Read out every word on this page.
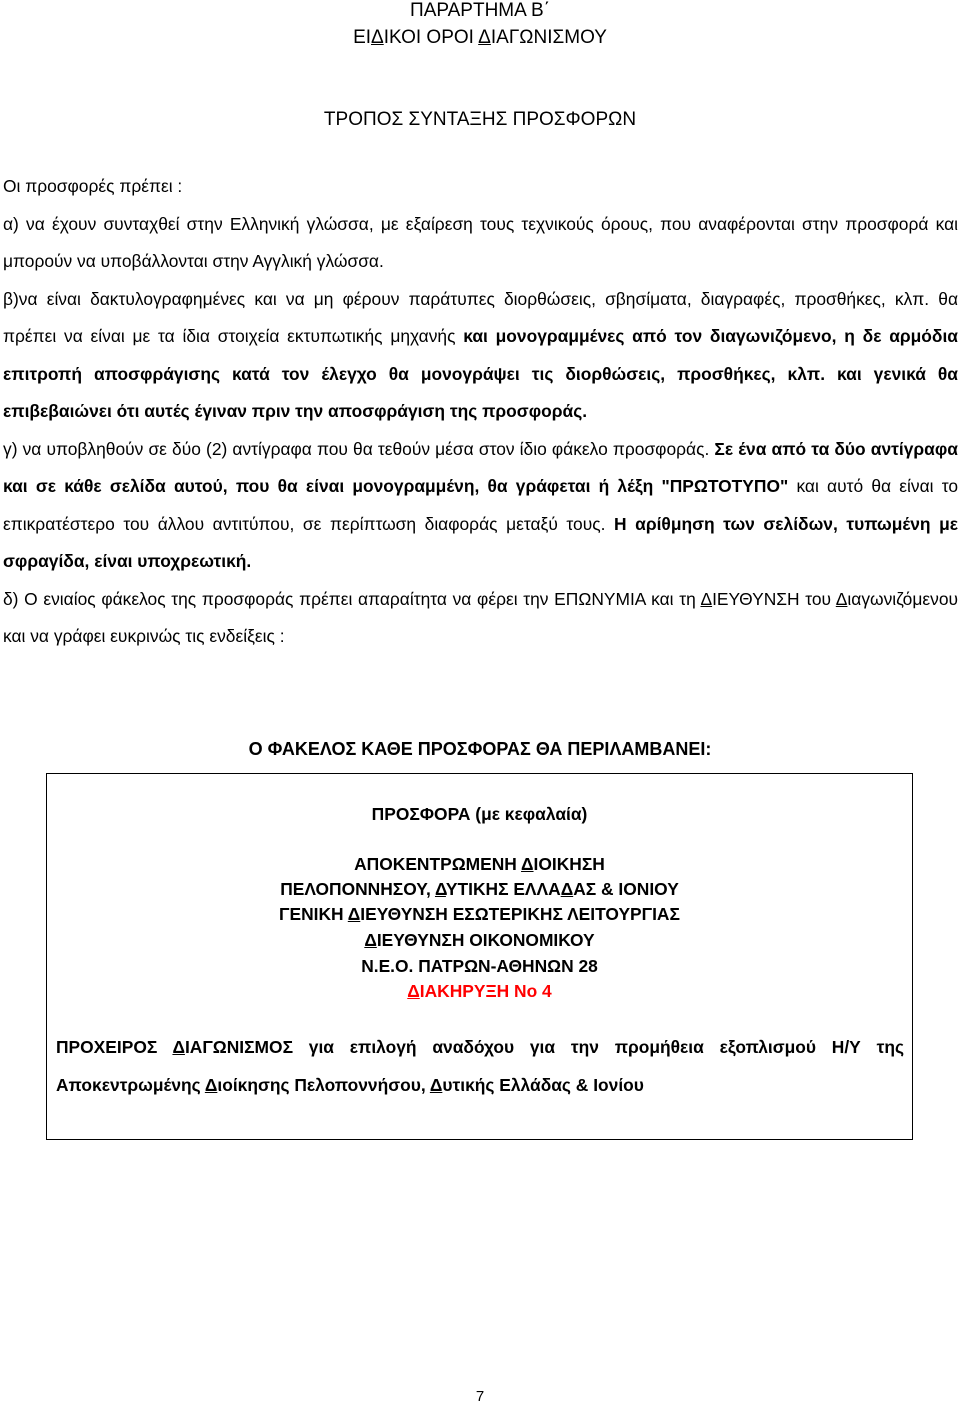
ΠΑΡΑΡΤΗΜΑ Β΄
ΕΙΔΙΚΟΙ ΟΡΟΙ ΔΙΑΓΩΝΙΣΜΟΥ
ΤΡΟΠΟΣ ΣΥΝΤΑΞΗΣ ΠΡΟΣΦΟΡΩΝ

Οι προσφορές πρέπει :

α) να έχουν συνταχθεί στην Ελληνική γλώσσα, με εξαίρεση τους τεχνικούς όρους, που αναφέρονται στην προσφορά και μπορούν να υποβάλλονται στην Αγγλική γλώσσα.

β)να είναι δακτυλογραφημένες και να μη φέρουν παράτυπες διορθώσεις, σβησίματα, διαγραφές, προσθήκες, κλπ. θα πρέπει να είναι με τα ίδια στοιχεία εκτυπωτικής μηχανής και μονογραμμένες από τον διαγωνιζόμενο, η δε αρμόδια επιτροπή αποσφράγισης κατά τον έλεγχο θα μονογράψει τις διορθώσεις, προσθήκες, κλπ. και γενικά θα επιβεβαιώνει ότι αυτές έγιναν πριν την αποσφράγιση της προσφοράς.

γ) να υποβληθούν σε δύο (2) αντίγραφα που θα τεθούν μέσα στον ίδιο φάκελο προσφοράς. Σε ένα από τα δύο αντίγραφα και σε κάθε σελίδα αυτού, που θα είναι μονογραμμένη, θα γράφεται ή λέξη "ΠΡΩΤΟΤΥΠΟ" και αυτό θα είναι το επικρατέστερο του άλλου αντιτύπου, σε περίπτωση διαφοράς μεταξύ τους. Η αρίθμηση των σελίδων, τυπωμένη με σφραγίδα, είναι υποχρεωτική.

δ) Ο ενιαίος φάκελος της προσφοράς πρέπει απαραίτητα να φέρει την ΕΠΩΝΥΜΙΑ και τη ΔΙΕΥΘΥΝΣΗ του Διαγωνιζόμενου και να γράφει ευκρινώς τις ενδείξεις :

Ο ΦΑΚΕΛΟΣ ΚΑΘΕ ΠΡΟΣΦΟΡΑΣ ΘΑ ΠΕΡΙΛΑΜΒΑΝΕΙ:
ΠΡΟΣΦΟΡΑ (με κεφαλαία)
ΑΠΟΚΕΝΤΡΩΜΕΝΗ ΔΙΟΙΚΗΣΗ
ΠΕΛΟΠΟΝΝΗΣΟΥ, ΔΥΤΙΚΗΣ ΕΛΛΑΔΑΣ & ΙΟΝΙΟΥ
ΓΕΝΙΚΗ ΔΙΕΥΘΥΝΣΗ ΕΣΩΤΕΡΙΚΗΣ ΛΕΙΤΟΥΡΓΙΑΣ
ΔΙΕΥΘΥΝΣΗ ΟΙΚΟΝΟΜΙΚΟΥ
Ν.Ε.Ο. ΠΑΤΡΩΝ-ΑΘΗΝΩΝ 28
ΔΙΑΚΗΡΥΞΗ Νο 4

ΠΡΟΧΕΙΡΟΣ ΔΙΑΓΩΝΙΣΜΟΣ για επιλογή αναδόχου για την προμήθεια εξοπλισμού Η/Υ της Αποκεντρωμένης Διοίκησης Πελοποννήσου, Δυτικής Ελλάδας & Ιονίου

7
